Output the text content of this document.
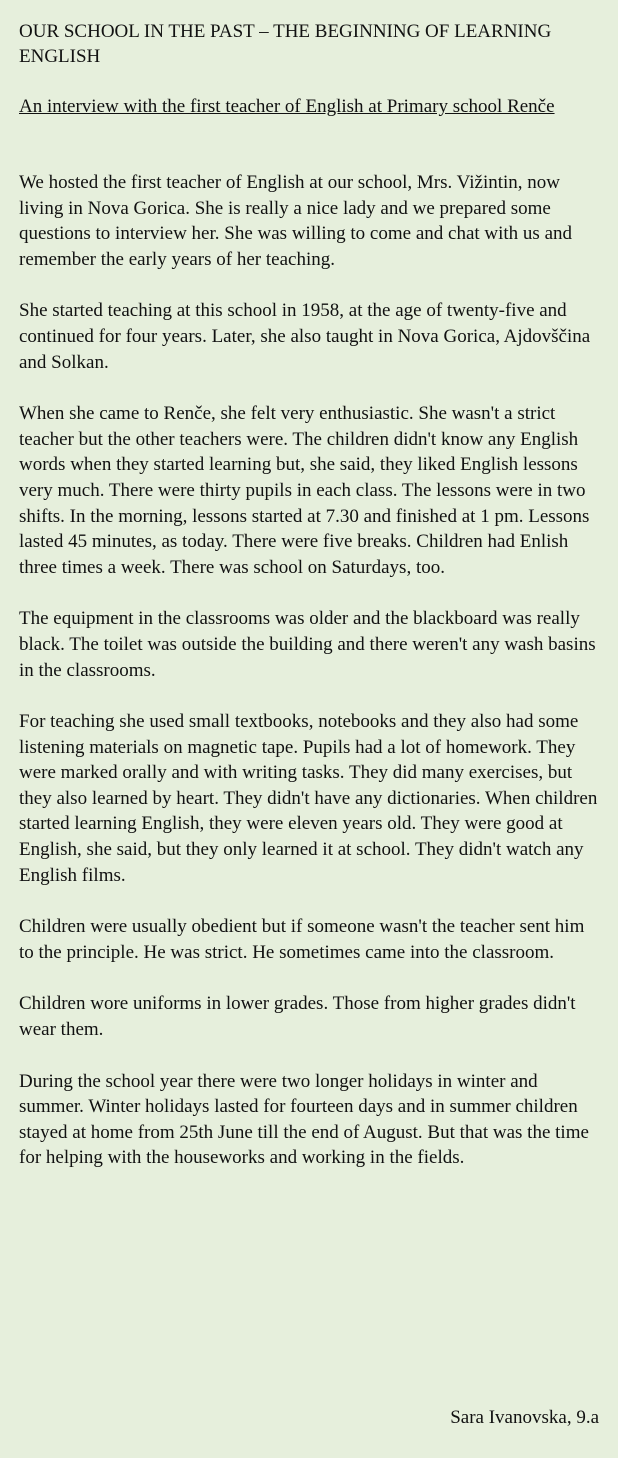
OUR SCHOOL IN THE PAST – THE BEGINNING OF LEARNING ENGLISH

An interview with the first teacher of English at Primary school Renče

We hosted the first teacher of English at our school, Mrs. Vižintin, now living in Nova Gorica. She is really a nice lady and we prepared some questions to interview her. She was willing to come and chat with us and remember the early years of her teaching.

She started teaching at this school in 1958, at the age of twenty-five and continued for four years. Later, she also taught in Nova Gorica, Ajdovščina and Solkan.

When she came to Renče, she felt very enthusiastic. She wasn't a strict teacher but the other teachers were. The children didn't know any English words when they started learning but, she said, they liked English lessons very much. There were thirty pupils in each class. The lessons were in two shifts. In the morning, lessons started at 7.30 and finished at 1 pm. Lessons lasted 45 minutes, as today. There were five breaks. Children had Enlish three times a week. There was school on Saturdays, too.

The equipment in the classrooms was older and the blackboard was really black. The toilet was outside the building and there weren't any wash basins in the classrooms.

For teaching she used small textbooks, notebooks and they also had some listening materials on magnetic tape. Pupils had a lot of homework. They were marked orally and with writing tasks. They did many exercises, but they also learned by heart. They didn't have any dictionaries. When children started learning English, they were eleven years old. They were good at English, she said, but they only learned it at school. They didn't watch any English films.

Children were usually obedient but if someone wasn't the teacher sent him to the principle. He was strict. He sometimes came into the classroom.

Children wore uniforms in lower grades. Those from higher grades didn't wear them.

During the school year there were two longer holidays in winter and summer. Winter holidays lasted for fourteen days and in summer children stayed at home from 25th June till the end of August. But that was the time for helping with the houseworks and working in the fields.

Sara Ivanovska, 9.a
